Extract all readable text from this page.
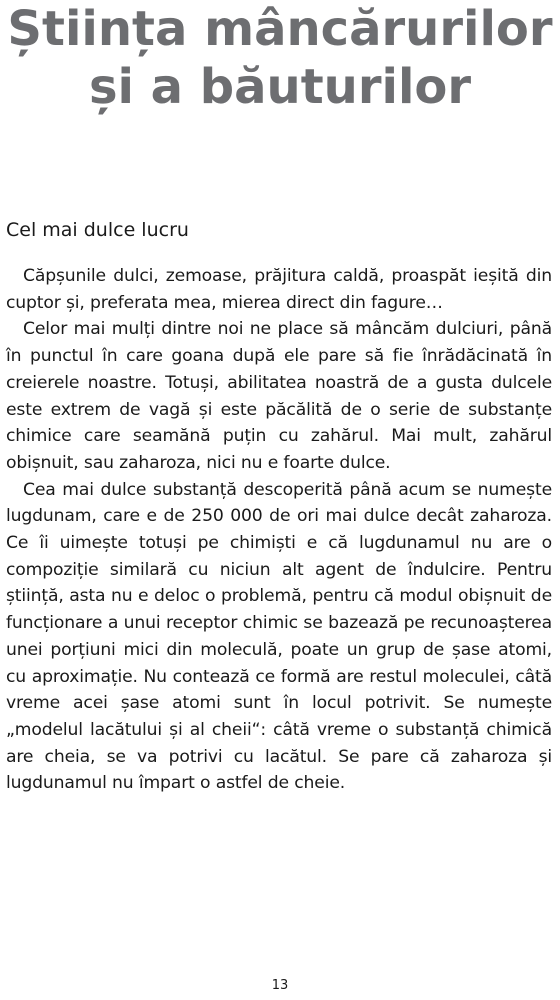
Știința mâncărurilor și a băuturilor
Cel mai dulce lucru

Căpșunile dulci, zemoase, prăjitura caldă, proaspăt ieșită din cuptor și, preferata mea, mierea direct din fagure…

Celor mai mulți dintre noi ne place să mâncăm dulciuri, până în punctul în care goana după ele pare să fie înrădăcinată în creierele noastre. Totuși, abilitatea noastră de a gusta dulcele este extrem de vagă și este păcălită de o serie de substanțe chimice care seamănă puțin cu zahărul. Mai mult, zahărul obișnuit, sau zaharoza, nici nu e foarte dulce.

Cea mai dulce substanță descoperită până acum se numește lugdunam, care e de 250 000 de ori mai dulce decât zaharoza. Ce îi uimește totuși pe chimiști e că lugdunamul nu are o compoziție similară cu niciun alt agent de îndulcire. Pentru știință, asta nu e deloc o problemă, pentru că modul obișnuit de funcționare a unui receptor chimic se bazează pe recunoașterea unei porțiuni mici din moleculă, poate un grup de șase atomi, cu aproximație. Nu contează ce formă are restul moleculei, câtă vreme acei șase atomi sunt în locul potrivit. Se numește „modelul lacătului și al cheii“: câtă vreme o substanță chimică are cheia, se va potrivi cu lacătul. Se pare că zaharoza și lugdunamul nu împart o astfel de cheie.

13
